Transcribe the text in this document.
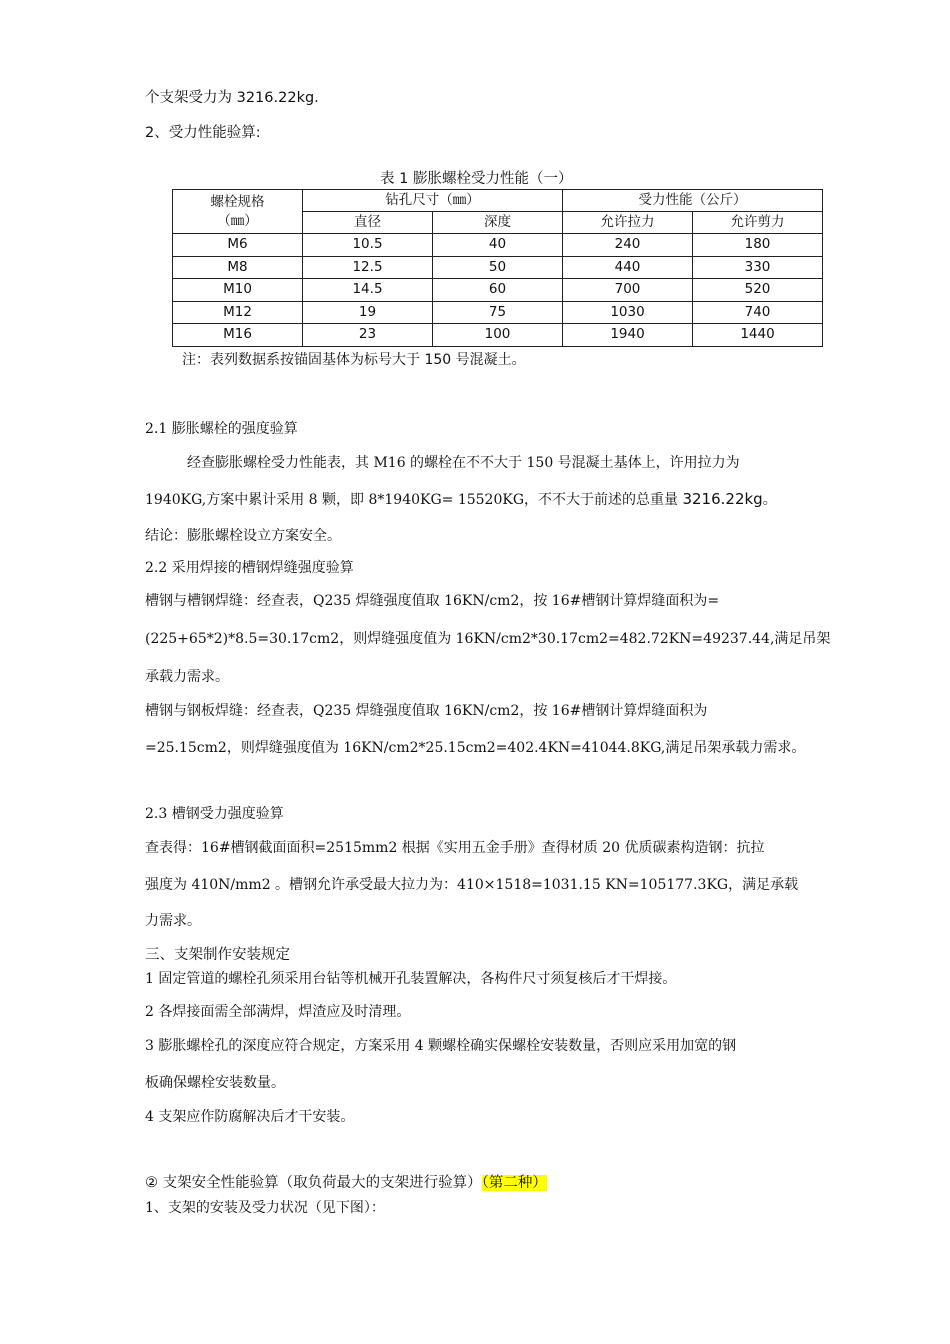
个支架受力为 3216.22kg.
2、受力性能验算:
表 1 膨胀螺栓受力性能（一）
螺栓规格
（㎜）	钻孔尺寸（㎜）		受力性能（公斤）	
	直径	深度	允许拉力	允许剪力
M6	10.5	40	240	180
M8	12.5	50	440	330
M10	14.5	60	700	520
M12	19	75	1030	740
M16	23	100	1940	1440
注：表列数据系按锚固基体为标号大于 150 号混凝土。
2.1 膨胀螺栓的强度验算
经查膨胀螺栓受力性能表，其 M16 的螺栓在不不大于 150 号混凝土基体上，许用拉力为
1940KG,方案中累计采用 8 颗，即 8*1940KG= 15520KG，不不大于前述的总重量 3216.22kg。
结论：膨胀螺栓设立方案安全。
2.2 采用焊接的槽钢焊缝强度验算
槽钢与槽钢焊缝：经查表，Q235 焊缝强度值取 16KN/cm2，按 16#槽钢计算焊缝面积为=
(225+65*2)*8.5=30.17cm2，则焊缝强度值为 16KN/cm2*30.17cm2=482.72KN=49237.44,满足吊架
承载力需求。
槽钢与钢板焊缝：经查表，Q235 焊缝强度值取 16KN/cm2，按 16#槽钢计算焊缝面积为
=25.15cm2，则焊缝强度值为 16KN/cm2*25.15cm2=402.4KN=41044.8KG,满足吊架承载力需求。
2.3 槽钢受力强度验算
查表得：16#槽钢截面面积=2515mm2 根据《实用五金手册》查得材质 20 优质碳素构造钢：抗拉
强度为 410N/mm2 。槽钢允许承受最大拉力为：410×1518=1031.15 KN=105177.3KG，满足承载
力需求。
三、支架制作安装规定
1 固定管道的螺栓孔须采用台钻等机械开孔装置解决，各构件尺寸须复核后才干焊接。
2 各焊接面需全部满焊，焊渣应及时清理。
3 膨胀螺栓孔的深度应符合规定，方案采用 4 颗螺栓确实保螺栓安装数量，否则应采用加宽的钢
板确保螺栓安装数量。
4 支架应作防腐解决后才干安装。
② 支架安全性能验算（取负荷最大的支架进行验算）（第二种）
1、支架的安装及受力状况（见下图）：
